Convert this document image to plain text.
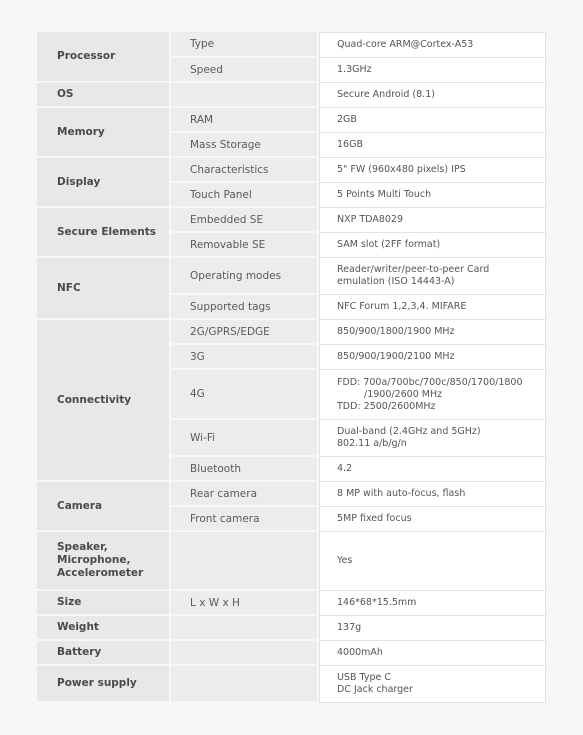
Processor	Type	Quad-core ARM@Cortex-A53
	Speed	1.3GHz
OS		Secure Android (8.1)
Memory	RAM	2GB
	Mass Storage	16GB
Display	Characteristics	5" FW (960x480 pixels) IPS
	Touch Panel	5 Points Multi Touch
Secure Elements	Embedded SE	NXP TDA8029
	Removable SE	SAM slot (2FF format)
NFC	Operating modes	Reader/writer/peer-to-peer Card
emulation (ISO 14443-A)

	Supported tags	NFC Forum 1,2,3,4. MIFARE
Connectivity	2G/GPRS/EDGE	850/900/1800/1900 MHz
	3G	850/900/1900/2100 MHz
	4G	FDD: 700a/700bc/700c/850/1700/1800
/1900/2600 MHz
TDD: 2500/2600MHz

	Wi-Fi	Dual-band (2.4GHz and 5GHz)
802.11 a/b/g/n

	Bluetooth	4.2
Camera	Rear camera	8 MP with auto-focus, flash
	Front camera	5MP fixed focus

Speaker,
Microphone,
Accelerometer		Yes
Size	L x W x H	146*68*15.5mm
Weight		137g
Battery		4000mAh
Power supply		USB Type C
DC Jack charger
